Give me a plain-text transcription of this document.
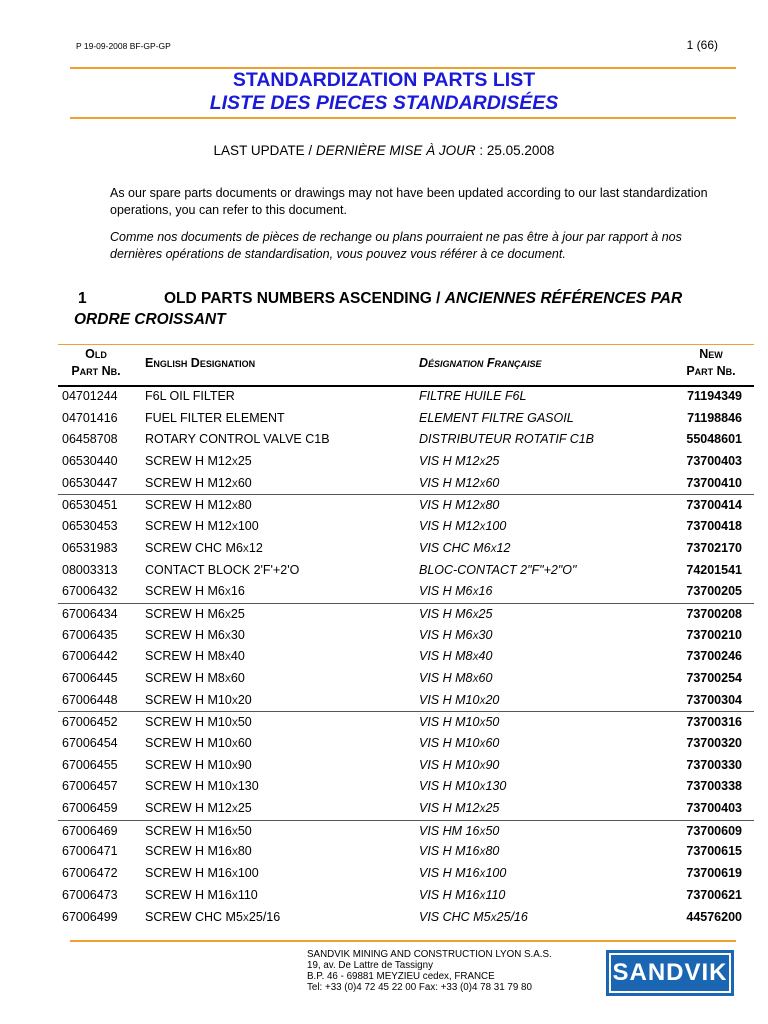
P 19-09-2008 BF-GP-GP	1 (66)
STANDARDIZATION PARTS LIST
LISTE DES PIECES STANDARDISÉES
LAST UPDATE / DERNIÈRE MISE À JOUR : 25.05.2008
As our spare parts documents or drawings may not have been updated according to our last standardization operations, you can refer to this document.
Comme nos documents de pièces de rechange ou plans pourraient ne pas être à jour par rapport à nos dernières opérations de standardisation, vous pouvez vous référer à ce document.
1	OLD PARTS NUMBERS ASCENDING / ANCIENNES RÉFÉRENCES PAR ORDRE CROISSANT
Old
Part Nb.
English Designation	Désignation Française
New
Part Nb.
04701244 F6L OIL FILTER	FILTRE HUILE F6L	71194349
04701416 FUEL FILTER ELEMENT	ELEMENT FILTRE GASOIL	71198846
06458708 ROTARY CONTROL VALVE C1B	DISTRIBUTEUR ROTATIF C1B	55048601
06530440 SCREW H M12x25	VIS H M12x25	73700403
06530447 SCREW H M12x60	VIS H M12x60	73700410
06530451 SCREW H M12x80	VIS H M12x80	73700414
06530453 SCREW H M12x100	VIS H M12x100	73700418
06531983 SCREW CHC M6x12	VIS CHC M6x12	73702170
08003313 CONTACT BLOCK 2'F'+2'O	BLOC-CONTACT 2"F"+2"O"	74201541
67006432 SCREW H M6x16	VIS H M6x16	73700205
67006434 SCREW H M6x25	VIS H M6x25	73700208
67006435 SCREW H M6x30	VIS H M6x30	73700210
67006442 SCREW H M8x40	VIS H M8x40	73700246
67006445 SCREW H M8x60	VIS H M8x60	73700254
67006448 SCREW H M10x20	VIS H M10x20	73700304
67006452 SCREW H M10x50	VIS H M10x50	73700316
67006454 SCREW H M10x60	VIS H M10x60	73700320
67006455 SCREW H M10x90	VIS H M10x90	73700330
67006457 SCREW H M10x130	VIS H M10x130	73700338
67006459 SCREW H M12x25	VIS H M12x25	73700403
67006469 SCREW H M16x50	VIS HM 16x50	73700609
67006471 SCREW H M16x80	VIS H M16x80	73700615
67006472 SCREW H M16x100	VIS H M16x100	73700619
67006473 SCREW H M16x110	VIS H M16x110	73700621
67006499 SCREW CHC M5x25/16	VIS CHC M5x25/16	44576200
SANDVIK MINING AND CONSTRUCTION LYON S.A.S.
19, av. De Lattre de Tassigny
B.P. 46 - 69881 MEYZIEU cedex, FRANCE
Tel: +33 (0)4 72 45 22 00 Fax: +33 (0)4 78 31 79 80
SANDVIK
